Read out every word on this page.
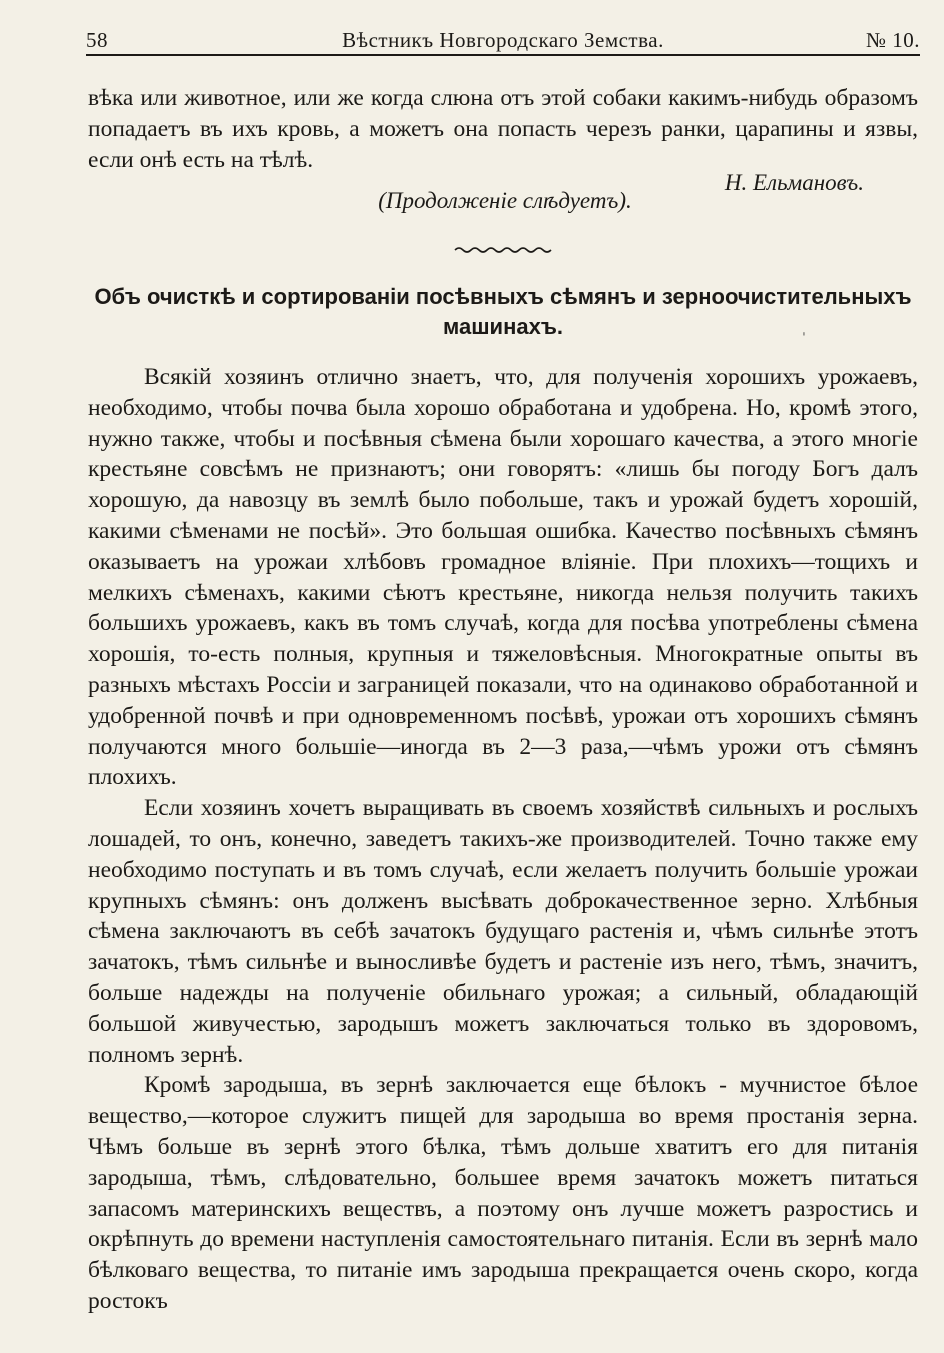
58	Вѣстникъ Новгородскаго Земства.	№ 10.

вѣка или животное, или же когда слюна отъ этой собаки какимъ-нибудь образомъ попадаетъ въ ихъ кровь, а можетъ она попасть черезъ ранки, царапины и язвы, если онѣ есть на тѣлѣ.

Н. Ельмановъ.
(Продолженіе слѣдуетъ).
Объ очисткѣ и сортированіи посѣвныхъ сѣмянъ и зерноочистительныхъ
машинахъ.	ˌ

Всякій хозяинъ отлично знаетъ, что, для полученія хорошихъ урожаевъ, необходимо, чтобы почва была хорошо обработана и удобрена. Но, кромѣ этого, нужно также, чтобы и посѣвныя сѣмена были хорошаго качества, а этого многіе крестьяне совсѣмъ не признаютъ; они говорятъ: «лишь бы погоду Богъ далъ хорошую, да навозцу въ землѣ было побольше, такъ и урожай будетъ хорошій, какими сѣменами не посѣй». Это большая ошибка. Качество посѣвныхъ сѣмянъ оказываетъ на урожаи хлѣбовъ громадное вліяніе. При плохихъ—тощихъ и мелкихъ сѣменахъ, какими сѣютъ крестьяне, никогда нельзя получить такихъ большихъ урожаевъ, какъ въ томъ случаѣ, когда для посѣва употреблены сѣмена хорошія, то-есть полныя, крупныя и тяжеловѣсныя. Многократные опыты въ разныхъ мѣстахъ Россіи и заграницей показали, что на одинаково обработанной и удобренной почвѣ и при одновременномъ посѣвѣ, урожаи отъ хорошихъ сѣмянъ получаются много большіе—иногда въ 2—3 раза,—чѣмъ урожи отъ сѣмянъ плохихъ.

Если хозяинъ хочетъ выращивать въ своемъ хозяйствѣ сильныхъ и рослыхъ лошадей, то онъ, конечно, заведетъ такихъ-же производителей. Точно также ему необходимо поступать и въ томъ случаѣ, если желаетъ получить большіе урожаи крупныхъ сѣмянъ: онъ долженъ высѣвать доброкачественное зерно. Хлѣбныя сѣмена заключаютъ въ себѣ зачатокъ будущаго растенія и, чѣмъ сильнѣе этотъ зачатокъ, тѣмъ сильнѣе и выносливѣе будетъ и растеніе изъ него, тѣмъ, значитъ, больше надежды на полученіе обильнаго урожая; а сильный, обладающій большой живучестью, зародышъ можетъ заключаться только въ здоровомъ, полномъ зернѣ.

Кромѣ зародыша, въ зернѣ заключается еще бѣлокъ - мучнистое бѣлое вещество,—которое служитъ пищей для зародыша во время простанія зерна. Чѣмъ больше въ зернѣ этого бѣлка, тѣмъ дольше хватитъ его для питанія зародыша, тѣмъ, слѣдовательно, большее время зачатокъ можетъ питаться запасомъ материнскихъ веществъ, а поэтому онъ лучше можетъ разростись и окрѣпнуть до времени наступленія самостоятельнаго питанія. Если въ зернѣ мало бѣлковаго вещества, то питаніе имъ зародыша прекращается очень скоро, когда ростокъ
